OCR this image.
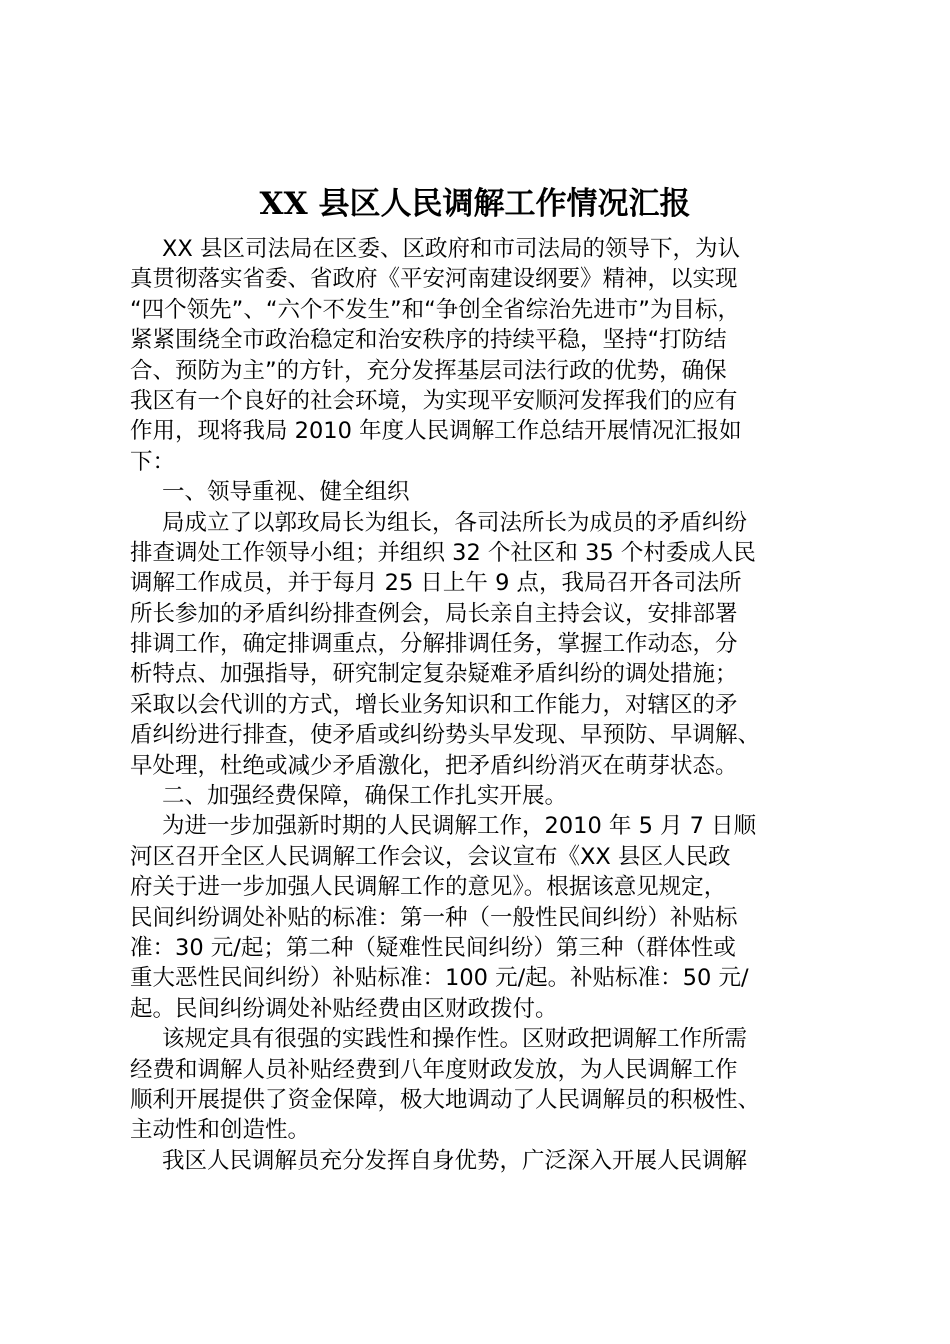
XX 县区人民调解工作情况汇报
XX 县区司法局在区委、区政府和市司法局的领导下，为认
真贯彻落实省委、省政府《平安河南建设纲要》精神，以实现
“四个领先”、“六个不发生”和“争创全省综治先进市”为目标，
紧紧围绕全市政治稳定和治安秩序的持续平稳，坚持“打防结
合、预防为主”的方针，充分发挥基层司法行政的优势，确保
我区有一个良好的社会环境，为实现平安顺河发挥我们的应有
作用，现将我局 2010 年度人民调解工作总结开展情况汇报如
下：
一、领导重视、健全组织
局成立了以郭玫局长为组长，各司法所长为成员的矛盾纠纷
排查调处工作领导小组；并组织 32 个社区和 35 个村委成人民
调解工作成员，并于每月 25 日上午 9 点，我局召开各司法所
所长参加的矛盾纠纷排查例会，局长亲自主持会议，安排部署
排调工作，确定排调重点，分解排调任务，掌握工作动态，分
析特点、加强指导，研究制定复杂疑难矛盾纠纷的调处措施；
采取以会代训的方式，增长业务知识和工作能力，对辖区的矛
盾纠纷进行排查，使矛盾或纠纷势头早发现、早预防、早调解、
早处理，杜绝或减少矛盾激化，把矛盾纠纷消灭在萌芽状态。
二、加强经费保障，确保工作扎实开展。
为进一步加强新时期的人民调解工作，2010 年 5 月 7 日顺
河区召开全区人民调解工作会议，会议宣布《XX 县区人民政
府关于进一步加强人民调解工作的意见》。根据该意见规定，
民间纠纷调处补贴的标准：第一种（一般性民间纠纷）补贴标
准：30 元/起；第二种（疑难性民间纠纷）第三种（群体性或
重大恶性民间纠纷）补贴标准：100 元/起。补贴标准：50 元/
起。民间纠纷调处补贴经费由区财政拨付。
该规定具有很强的实践性和操作性。区财政把调解工作所需
经费和调解人员补贴经费到八年度财政发放，为人民调解工作
顺利开展提供了资金保障，极大地调动了人民调解员的积极性、
主动性和创造性。
我区人民调解员充分发挥自身优势，广泛深入开展人民调解
